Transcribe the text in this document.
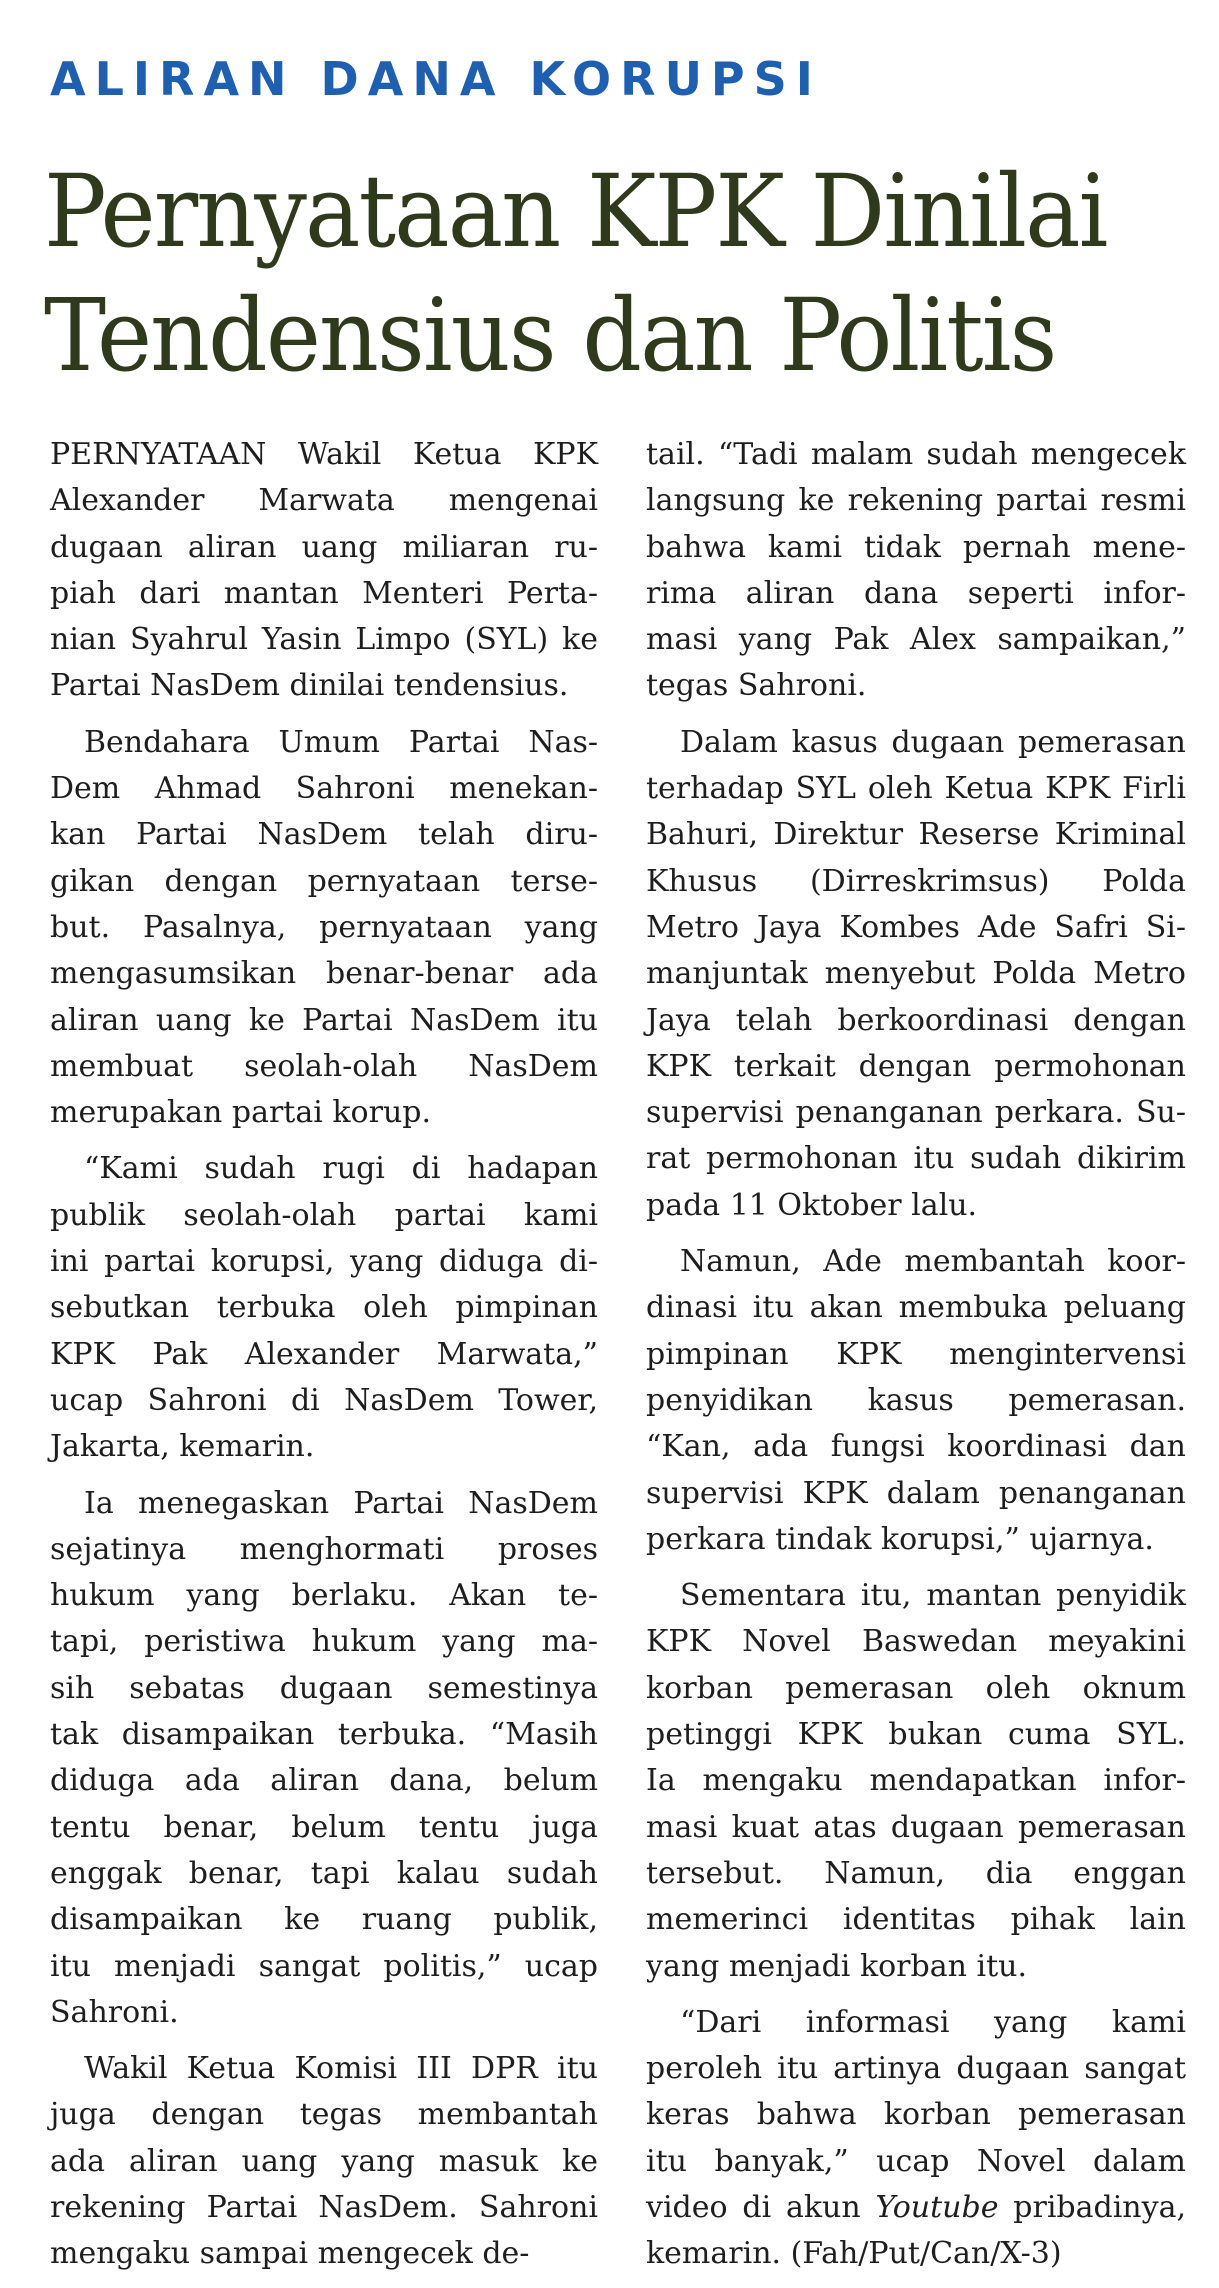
ALIRAN DANA KORUPSI
Pernyataan KPK Dinilai
Tendensius dan Politis

PERNYATAAN Wakil Ketua KPK
Alexander Marwata mengenai
dugaan aliran uang miliaran ru-
piah dari mantan Menteri Perta-
nian Syahrul Yasin Limpo (SYL) ke
Partai NasDem dinilai tendensius.

Bendahara Umum Partai Nas-
Dem Ahmad Sahroni menekan-
kan Partai NasDem telah diru-
gikan dengan pernyataan terse-
but. Pasalnya, pernyataan yang
mengasumsikan benar-benar ada
aliran uang ke Partai NasDem itu
membuat seolah-olah NasDem
merupakan partai korup.

“Kami sudah rugi di hadapan
publik seolah-olah partai kami
ini partai korupsi, yang diduga di-
sebutkan terbuka oleh pimpinan
KPK Pak Alexander Marwata,”
ucap Sahroni di NasDem Tower,
Jakarta, kemarin.

Ia menegaskan Partai NasDem
sejatinya menghormati proses
hukum yang berlaku. Akan te-
tapi, peristiwa hukum yang ma-
sih sebatas dugaan semestinya
tak disampaikan terbuka. “Masih
diduga ada aliran dana, belum
tentu benar, belum tentu juga
enggak benar, tapi kalau sudah
disampaikan ke ruang publik,
itu menjadi sangat politis,” ucap
Sahroni.

Wakil Ketua Komisi III DPR itu
juga dengan tegas membantah
ada aliran uang yang masuk ke
rekening Partai NasDem. Sahroni
mengaku sampai mengecek de-

tail. “Tadi malam sudah mengecek
langsung ke rekening partai resmi
bahwa kami tidak pernah mene-
rima aliran dana seperti infor-
masi yang Pak Alex sampaikan,”
tegas Sahroni.

Dalam kasus dugaan pemerasan
terhadap SYL oleh Ketua KPK Firli
Bahuri, Direktur Reserse Kriminal
Khusus (Dirreskrimsus) Polda
Metro Jaya Kombes Ade Safri Si-
manjuntak menyebut Polda Metro
Jaya telah berkoordinasi dengan
KPK terkait dengan permohonan
supervisi penanganan perkara. Su-
rat permohonan itu sudah dikirim
pada 11 Oktober lalu.

Namun, Ade membantah koor-
dinasi itu akan membuka peluang
pimpinan KPK mengintervensi
penyidikan kasus pemerasan.
“Kan, ada fungsi koordinasi dan
supervisi KPK dalam penanganan
perkara tindak korupsi,” ujarnya.

Sementara itu, mantan penyidik
KPK Novel Baswedan meyakini
korban pemerasan oleh oknum
petinggi KPK bukan cuma SYL.
Ia mengaku mendapatkan infor-
masi kuat atas dugaan pemerasan
tersebut. Namun, dia enggan
memerinci identitas pihak lain
yang menjadi korban itu.

“Dari informasi yang kami
peroleh itu artinya dugaan sangat
keras bahwa korban pemerasan
itu banyak,” ucap Novel dalam
video di akun Youtube pribadinya,
kemarin. (Fah/Put/Can/X-3)
